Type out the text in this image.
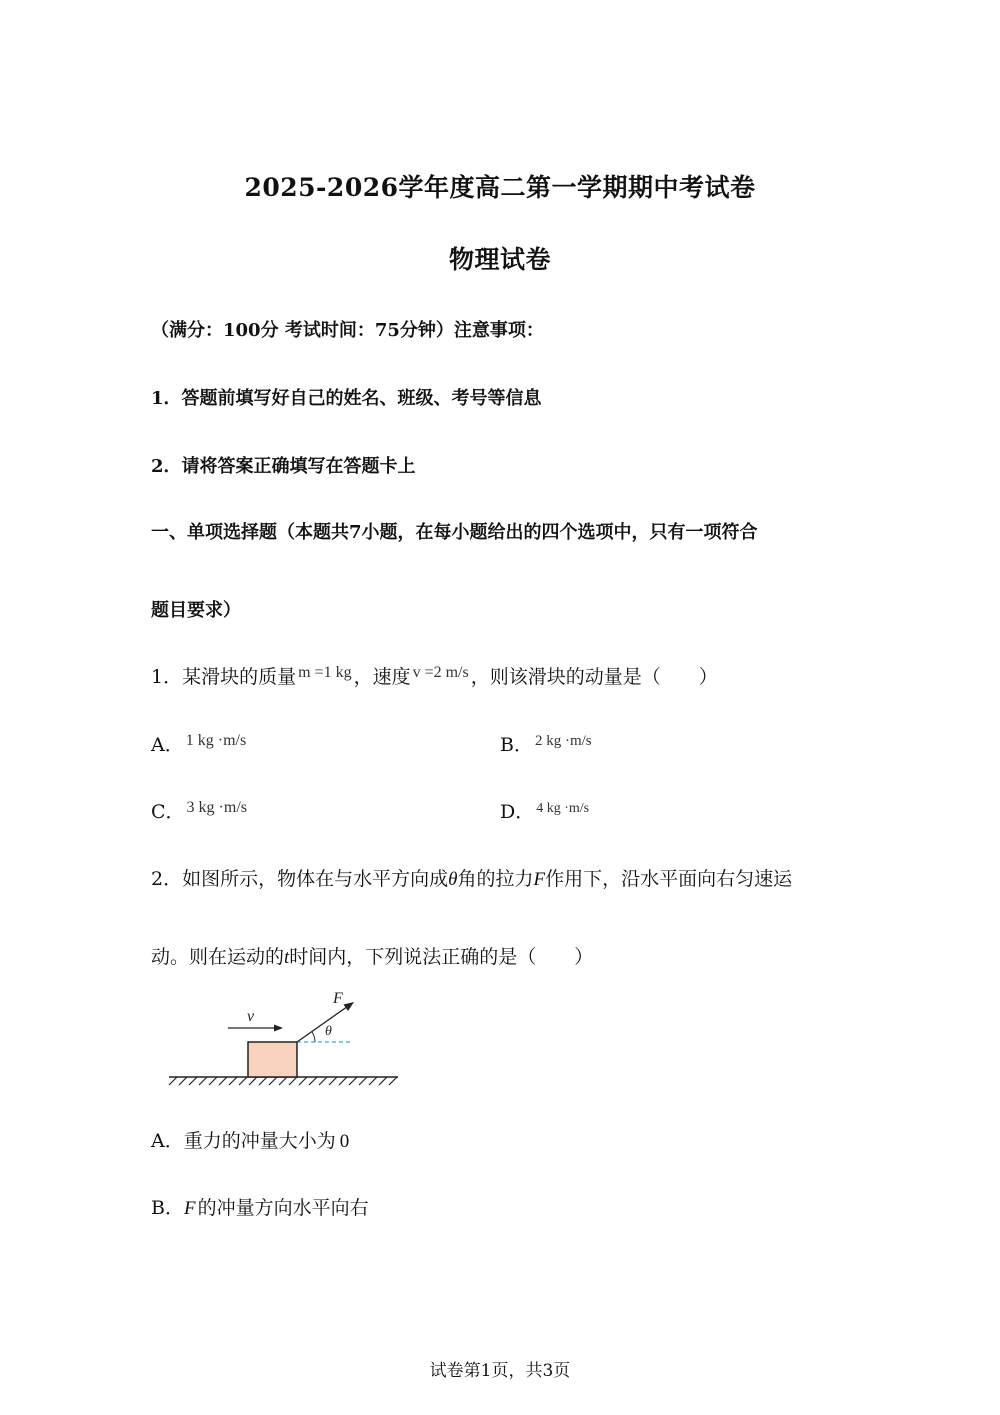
2025-2026学年度高二第一学期期中考试卷
物理试卷
（满分：100分 考试时间：75分钟）注意事项：
1．答题前填写好自己的姓名、班级、考号等信息
2．请将答案正确填写在答题卡上
一、单项选择题（本题共7小题，在每小题给出的四个选项中，只有一项符合
题目要求）
1．某滑块的质量 $^{m =1 kg}$ ，速度 $^{v =2 m/s}$ ，则该滑块的动量是（　　）
A． $^{1 kg \cdot m/s}$	B． $^{2 kg \cdot m/s}$
C． $^{3 kg \cdot m/s}$	D． $^{4 kg \cdot m/s}$
2．如图所示，物体在与水平方向成θ角的拉力F作用下，沿水平面向右匀速运
动。则在运动的t时间内，下列说法正确的是（　　）
v
F
θ
A．重力的冲量大小为 0
B．F 的冲量方向水平向右
试卷第1页，共3页
